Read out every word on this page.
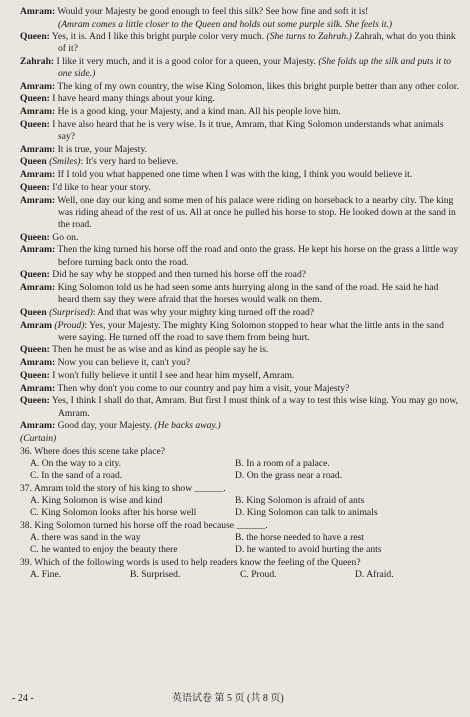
Amram: Would your Majesty be good enough to feel this silk? See how fine and soft it is!

(Amram comes a little closer to the Queen and holds out some purple silk. She feels it.)

Queen: Yes, it is. And I like this bright purple color very much. (She turns to Zahrah.) Zahrah, what do you think of it?

Zahrah: I like it very much, and it is a good color for a queen, your Majesty. (She folds up the silk and puts it to one side.)

Amram: The king of my own country, the wise King Solomon, likes this bright purple better than any other color.

Queen: I have heard many things about your king.

Amram: He is a good king, your Majesty, and a kind man. All his people love him.

Queen: I have also heard that he is very wise. Is it true, Amram, that King Solomon understands what animals say?

Amram: It is true, your Majesty.

Queen (Smiles): It's very hard to believe.

Amram: If I told you what happened one time when I was with the king, I think you would believe it.

Queen: I'd like to hear your story.

Amram: Well, one day our king and some men of his palace were riding on horseback to a nearby city. The king was riding ahead of the rest of us. All at once he pulled his horse to stop. He looked down at the sand in the road.

Queen: Go on.

Amram: Then the king turned his horse off the road and onto the grass. He kept his horse on the grass a little way before turning back onto the road.

Queen: Did he say why he stopped and then turned his horse off the road?

Amram: King Solomon told us he had seen some ants hurrying along in the sand of the road. He said he had heard them say they were afraid that the horses would walk on them.

Queen (Surprised): And that was why your mighty king turned off the road?

Amram (Proud): Yes, your Majesty. The mighty King Solomon stopped to hear what the little ants in the sand were saying. He turned off the road to save them from being hurt.

Queen: Then he must be as wise and as kind as people say he is.

Amram: Now you can believe it, can't you?

Queen: I won't fully believe it until I see and hear him myself, Amram.

Amram: Then why don't you come to our country and pay him a visit, your Majesty?

Queen: Yes, I think I shall do that, Amram. But first I must think of a way to test this wise king. You may go now, Amram.

Amram: Good day, your Majesty. (He backs away.)

(Curtain)

36. Where does this scene take place?

A. On the way to a city.	B. In a room of a palace.
C. In the sand of a road.	D. On the grass near a road.

37. Amram told the story of his king to show ______.

A. King Solomon is wise and kind	B. King Solomon is afraid of ants
C. King Solomon looks after his horse well	D. King Solomon can talk to animals

38. King Solomon turned his horse off the road because ______.

A. there was sand in the way	B. the horse needed to have a rest
C. he wanted to enjoy the beauty there	D. he wanted to avoid hurting the ants

39. Which of the following words is used to help readers know the feeling of the Queen?

A. Fine.	B. Surprised.	C. Proud.	D. Afraid.
- 24 -	英语试卷 第 5 页 (共 8 页)
